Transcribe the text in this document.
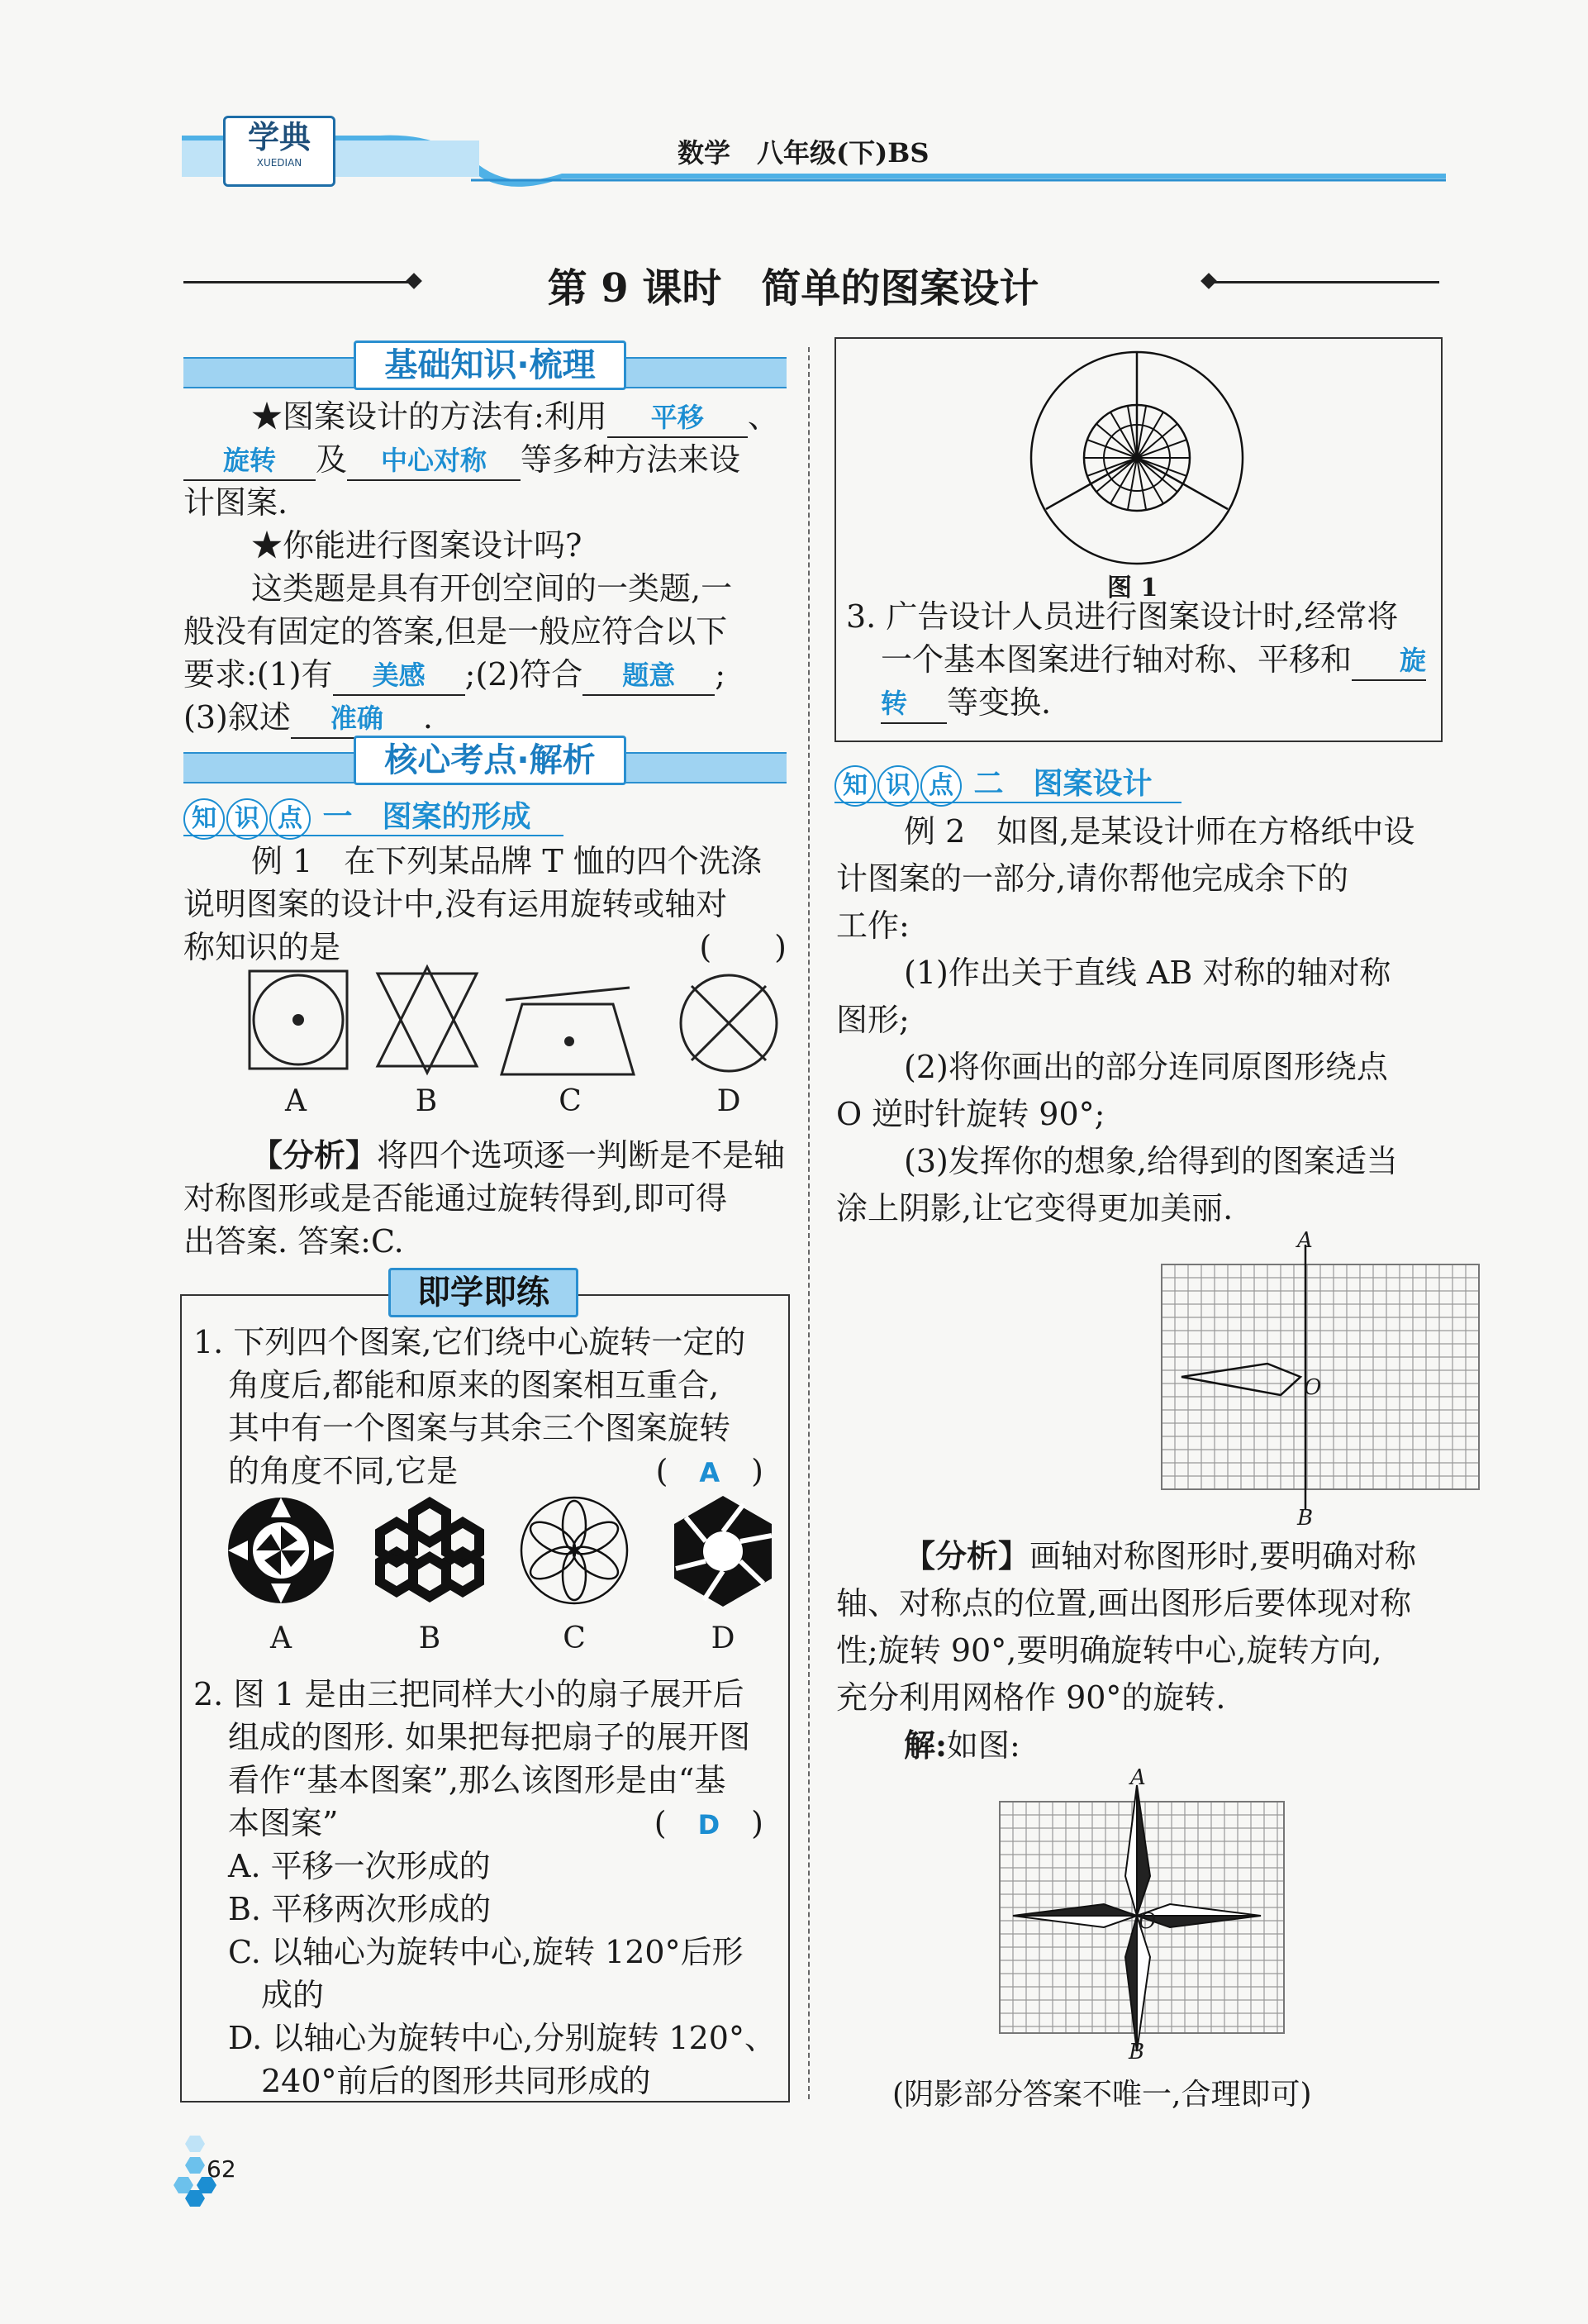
学典
XUEDIAN	数学　八年级(下)BS
第 9 课时　简单的图案设计
基础知识·梳理
★图案设计的方法有:利用 平移 、
旋转 及 中心对称 等多种方法来设
计图案.
★你能进行图案设计吗?
这类题是具有开创空间的一类题,一
般没有固定的答案,但是一般应符合以下
要求:(1)有 美感 ;(2)符合 题意 ;
(3)叙述 准确 .
核心考点·解析
知 识 点 一　图案的形成
例 1　在下列某品牌 T 恤的四个洗涤
说明图案的设计中,没有运用旋转或轴对
称知识的是	(　　)
A	B	C	D
【分析】将四个选项逐一判断是不是轴
对称图形或是否能通过旋转得到,即可得
出答案. 答案:C.
即学即练
1. 下列四个图案,它们绕中心旋转一定的
角度后,都能和原来的图案相互重合,
其中有一个图案与其余三个图案旋转
的角度不同,它是	(　A　)
A	B	C	D
2. 图 1 是由三把同样大小的扇子展开后
组成的图形. 如果把每把扇子的展开图
看作“基本图案”,那么该图形是由“基
本图案”	(　D　)
A. 平移一次形成的
B. 平移两次形成的
C. 以轴心为旋转中心,旋转 120°后形
成的
D. 以轴心为旋转中心,分别旋转 120°、
240°前后的图形共同形成的
图 1
3. 广告设计人员进行图案设计时,经常将
一个基本图案进行轴对称、平移和 旋
转 等变换.
知 识 点 二　图案设计
例 2　如图,是某设计师在方格纸中设
计图案的一部分,请你帮他完成余下的
工作:
(1)作出关于直线 AB 对称的轴对称
图形;
(2)将你画出的部分连同原图形绕点
O 逆时针旋转 90°;
(3)发挥你的想象,给得到的图案适当
涂上阴影,让它变得更加美丽.
A
O
B
【分析】画轴对称图形时,要明确对称
轴、对称点的位置,画出图形后要体现对称
性;旋转 90°,要明确旋转中心,旋转方向,
充分利用网格作 90°的旋转.
解:如图:
A
O
B
(阴影部分答案不唯一,合理即可)
62
